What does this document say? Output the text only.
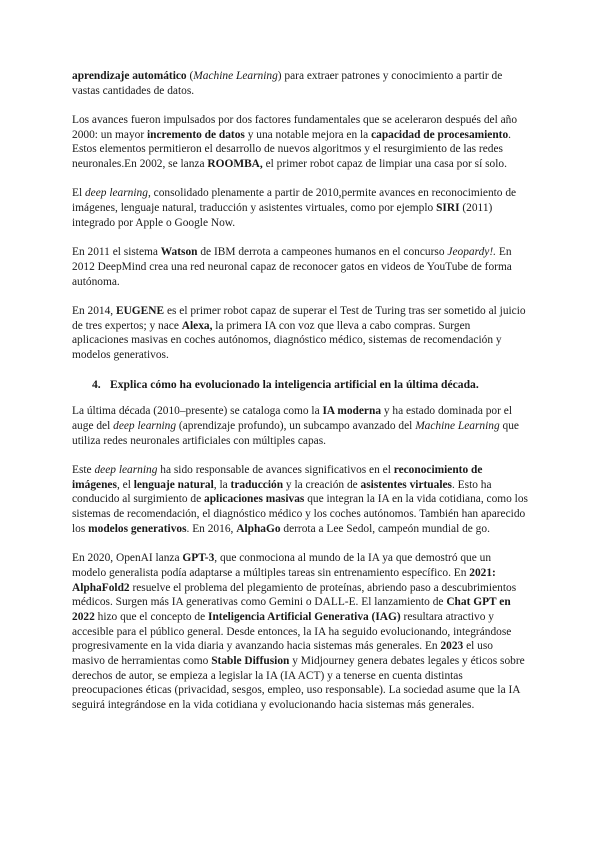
aprendizaje automático (Machine Learning) para extraer patrones y conocimiento a partir de vastas cantidades de datos.

Los avances fueron impulsados por dos factores fundamentales que se aceleraron después del año 2000: un mayor incremento de datos y una notable mejora en la capacidad de procesamiento. Estos elementos permitieron el desarrollo de nuevos algoritmos y el resurgimiento de las redes neuronales.En 2002, se lanza ROOMBA, el primer robot capaz de limpiar una casa por sí solo.

El deep learning, consolidado plenamente a partir de 2010,permite avances en reconocimiento de imágenes, lenguaje natural, traducción y asistentes virtuales, como por ejemplo SIRI (2011) integrado por Apple o Google Now.

En 2011 el sistema Watson de IBM derrota a campeones humanos en el concurso Jeopardy!. En 2012 DeepMind crea una red neuronal capaz de reconocer gatos en videos de YouTube de forma autónoma.

En 2014, EUGENE es el primer robot capaz de superar el Test de Turing tras ser sometido al juicio de tres expertos; y nace Alexa, la primera IA con voz que lleva a cabo compras. Surgen aplicaciones masivas en coches autónomos, diagnóstico médico, sistemas de recomendación y modelos generativos.

4. Explica cómo ha evolucionado la inteligencia artificial en la última década.

La última década (2010–presente) se cataloga como la IA moderna y ha estado dominada por el auge del deep learning (aprendizaje profundo), un subcampo avanzado del Machine Learning que utiliza redes neuronales artificiales con múltiples capas.

Este deep learning ha sido responsable de avances significativos en el reconocimiento de imágenes, el lenguaje natural, la traducción y la creación de asistentes virtuales. Esto ha conducido al surgimiento de aplicaciones masivas que integran la IA en la vida cotidiana, como los sistemas de recomendación, el diagnóstico médico y los coches autónomos. También han aparecido los modelos generativos. En 2016, AlphaGo derrota a Lee Sedol, campeón mundial de go.

En 2020, OpenAI lanza GPT-3, que conmociona al mundo de la IA ya que demostró que un modelo generalista podía adaptarse a múltiples tareas sin entrenamiento específico. En 2021: AlphaFold2 resuelve el problema del plegamiento de proteínas, abriendo paso a descubrimientos médicos. Surgen más IA generativas como Gemini o DALL-E. El lanzamiento de Chat GPT en 2022 hizo que el concepto de Inteligencia Artificial Generativa (IAG) resultara atractivo y accesible para el público general. Desde entonces, la IA ha seguido evolucionando, integrándose progresivamente en la vida diaria y avanzando hacia sistemas más generales. En 2023 el uso masivo de herramientas como Stable Diffusion y Midjourney genera debates legales y éticos sobre derechos de autor, se empieza a legislar la IA (IA ACT) y a tenerse en cuenta distintas preocupaciones éticas (privacidad, sesgos, empleo, uso responsable). La sociedad asume que la IA seguirá integrándose en la vida cotidiana y evolucionando hacia sistemas más generales.
